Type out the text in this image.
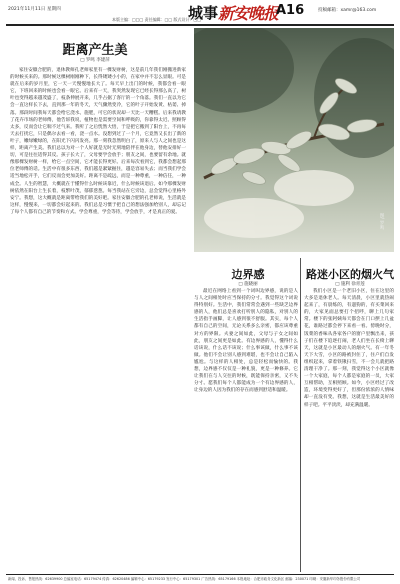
2021年11月11日 星期四	城事 新安晚报
A16
本版主编：□□□ 责任编辑：□□ 版式设计：□□
投稿邮箱：xamr@163.com
距离产生美
□ 罗鸣 李建萍
家住安徽合肥的，退休教师孔老师家里有一棵发财树，这是前几年我们刚搬进新家的时候买来的。那时候这棵树刚刚种下，长得矮矮小小的，在家中并不怎么显眼。可是就在后来的岁月里，它一天一天慢慢地长大了。每天早上出门的时候，我都会看一眼它，下班回来的时候也会看一眼它。后来有一天，我突然发现它已经长得那么高了，树叶也变得越来越茂盛了，枝条伸展开来，几乎占据了客厅的一个角落。我们一直以为它会一直这样长下去，直到那一年的冬天，天气骤然变冷，它的叶子开始发黄、枯萎、掉落。那段时间我每天都会给它浇水、施肥，可它的状况却一天比一天糟糕。后来我请教了花卉市场的老师傅，他告诉我说，植物也是需要空间和呼吸的，你靠得太近、照顾得太多，反而会让它喘不过气来。我听了之后恍然大悟，于是把它搬到了阳台上，不再每天去打扰它，只是偶尔去看一看，浇一点水。没想到过了一个月，它竟然又长出了新的叶子，嫩绿嫩绿的，在阳光下闪闪发亮。那一刻我忽然明白了，原来人与人之间也是这样，距离产生美。我们总以为对一个人好就是无时无刻地陪伴在他身边，替他安排好一切，可是往往适得其反。孩子长大了，父母要学会放手；朋友之间，也要留有余地。就像那棵发财树一样，给它一点空间，它才能长得更好。后来每次看到它，我都会想起那位老师傅的话。生活中有很多东西，我们越是紧紧握住，越是容易失去；而当我们学会适当地松开手，它们反而会更加美好。距离不是疏远，而是一种尊重，一种信任，一种成全。人生的智慧，大概就在于懂得什么时候该靠近，什么时候该退后。如今那棵发财树依然在阳台上生长着，枝繁叶茂，郁郁葱葱。每当我站在它旁边，总会觉得心里格外安宁。我想，这大概就是距离带给我们的美好吧。家住安徽合肥的孔老师说，生活就是这样，慢慢来，一切都会好起来的。我们总是习惯于把自己的想法强加给别人，却忘记了每个人都有自己的节奏和方式。学会尊重，学会等待，学会放手，才是真正的爱。
图/ 罗鸣
边界感
□ 施晓丽
最近在网络上看到一个词叫边界感，说的是人与人之间相处时应当保持的分寸。我觉得这个词说得特别好。生活中，我们常常会遇到一些缺乏边界感的人，他们总是喜欢打听别人的隐私，对别人的生活指手画脚，让人感到很不舒服。其实，每个人都有自己的空间，无论关系多么亲密，都应该尊重对方的界限。夫妻之间如此，父母与子女之间如此，朋友之间更是如此。有边界感的人，懂得什么话该说，什么话不该说；什么事该做，什么事不该做。他们不会让别人感到难堪，也不会让自己陷入尴尬。与这样的人相处，总是轻松而愉快的。我想，边界感不仅仅是一种礼貌，更是一种修养。它让我们在与人交往的时候，既能保持亲密，又不失分寸。愿我们每个人都能成为一个有边界感的人，让身边的人因为我们的存在而感到舒适和温暖。
路迷小区的烟火气
□ 施利 徐青莲
我们小区是一个老旧小区，住在这里的大多是退休老人。每天清晨，小区里就热闹起来了，有晨练的，有遛狗的，有买菜回来的，大家见面总要打个招呼，聊上几句家常。楼下的张阿姨每天都会在门口摆上几盆花，谁路过都会停下来看一看。傍晚时分，饭菜的香味从各家各户的窗户里飘出来，孩子们在楼下追逐打闹，老人们坐在长椅上聊天，这就是小区最动人的烟火气。有一年冬天下大雪，小区的路被封住了，住户们自发组织起来，拿着铁锹扫雪，不一会儿就把路清理干净了。那一刻，我觉得这个小区就像一个大家庭，每个人都是家庭的一员，大家互相帮助，互相照顾。如今，小区经过了改造，环境变得更好了，但那份浓浓的人情味却一直没有变。我想，这就是生活最美好的样子吧。平平淡淡，却充满温暖。
新闻、投诉、售报热线：62639900 总编室电话：65179474 传真：62620486 编辑中心：65179233 发行中心：65179301 广告热线：65179166 本报地址：合肥市政务文化新区 邮编：230071 印刷：安徽新华印务股份有限公司
